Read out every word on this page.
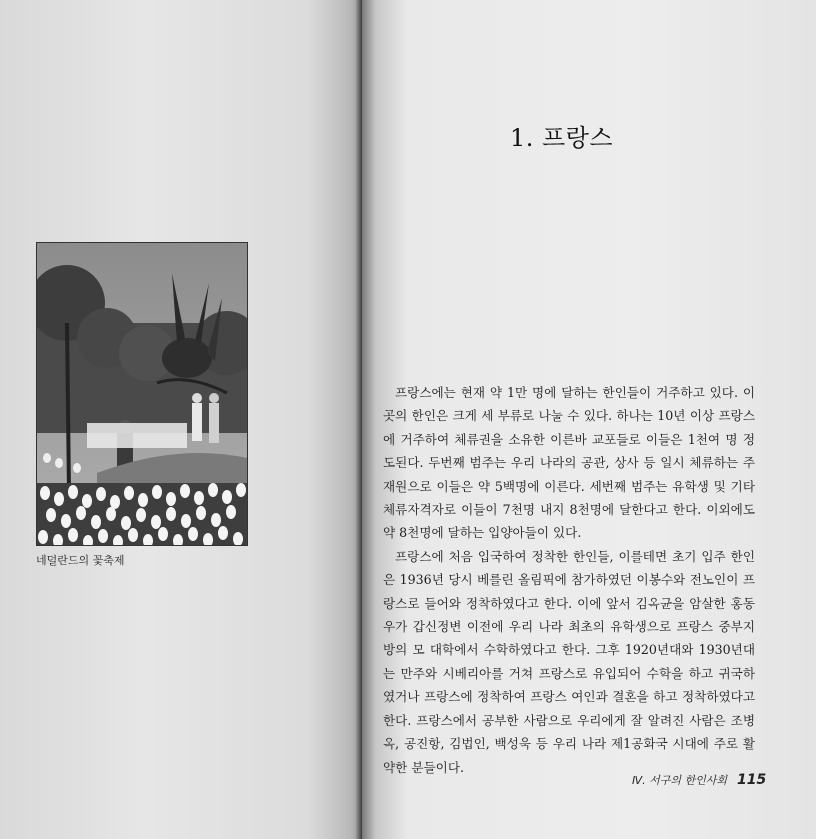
네덜란드의 꽃축제
1. 프랑스

프랑스에는 현재 약 1만 명에 달하는 한인들이 거주하고 있다. 이곳의 한인은 크게 세 부류로 나눌 수 있다. 하나는 10년 이상 프랑스에 거주하여 체류권을 소유한 이른바 교포들로 이들은 1천여 명 정도된다. 두번째 범주는 우리 나라의 공관, 상사 등 일시 체류하는 주재원으로 이들은 약 5백명에 이른다. 세번째 범주는 유학생 및 기타 체류자격자로 이들이 7천명 내지 8천명에 달한다고 한다. 이외에도 약 8천명에 달하는 입양아들이 있다.

프랑스에 처음 입국하여 정착한 한인들, 이를테면 초기 입주 한인은 1936년 당시 베를린 올림픽에 참가하였던 이봉수와 전노인이 프랑스로 들어와 정착하였다고 한다. 이에 앞서 김옥균을 암살한 홍동우가 갑신정변 이전에 우리 나라 최초의 유학생으로 프랑스 중부지방의 모 대학에서 수학하였다고 한다. 그후 1920년대와 1930년대는 만주와 시베리아를 거쳐 프랑스로 유입되어 수학을 하고 귀국하였거나 프랑스에 정착하여 프랑스 여인과 결혼을 하고 정착하였다고 한다. 프랑스에서 공부한 사람으로 우리에게 잘 알려진 사람은 조병옥, 공진항, 김법인, 백성욱 등 우리 나라 제1공화국 시대에 주로 활약한 분들이다.

Ⅳ. 서구의 한인사회 115
